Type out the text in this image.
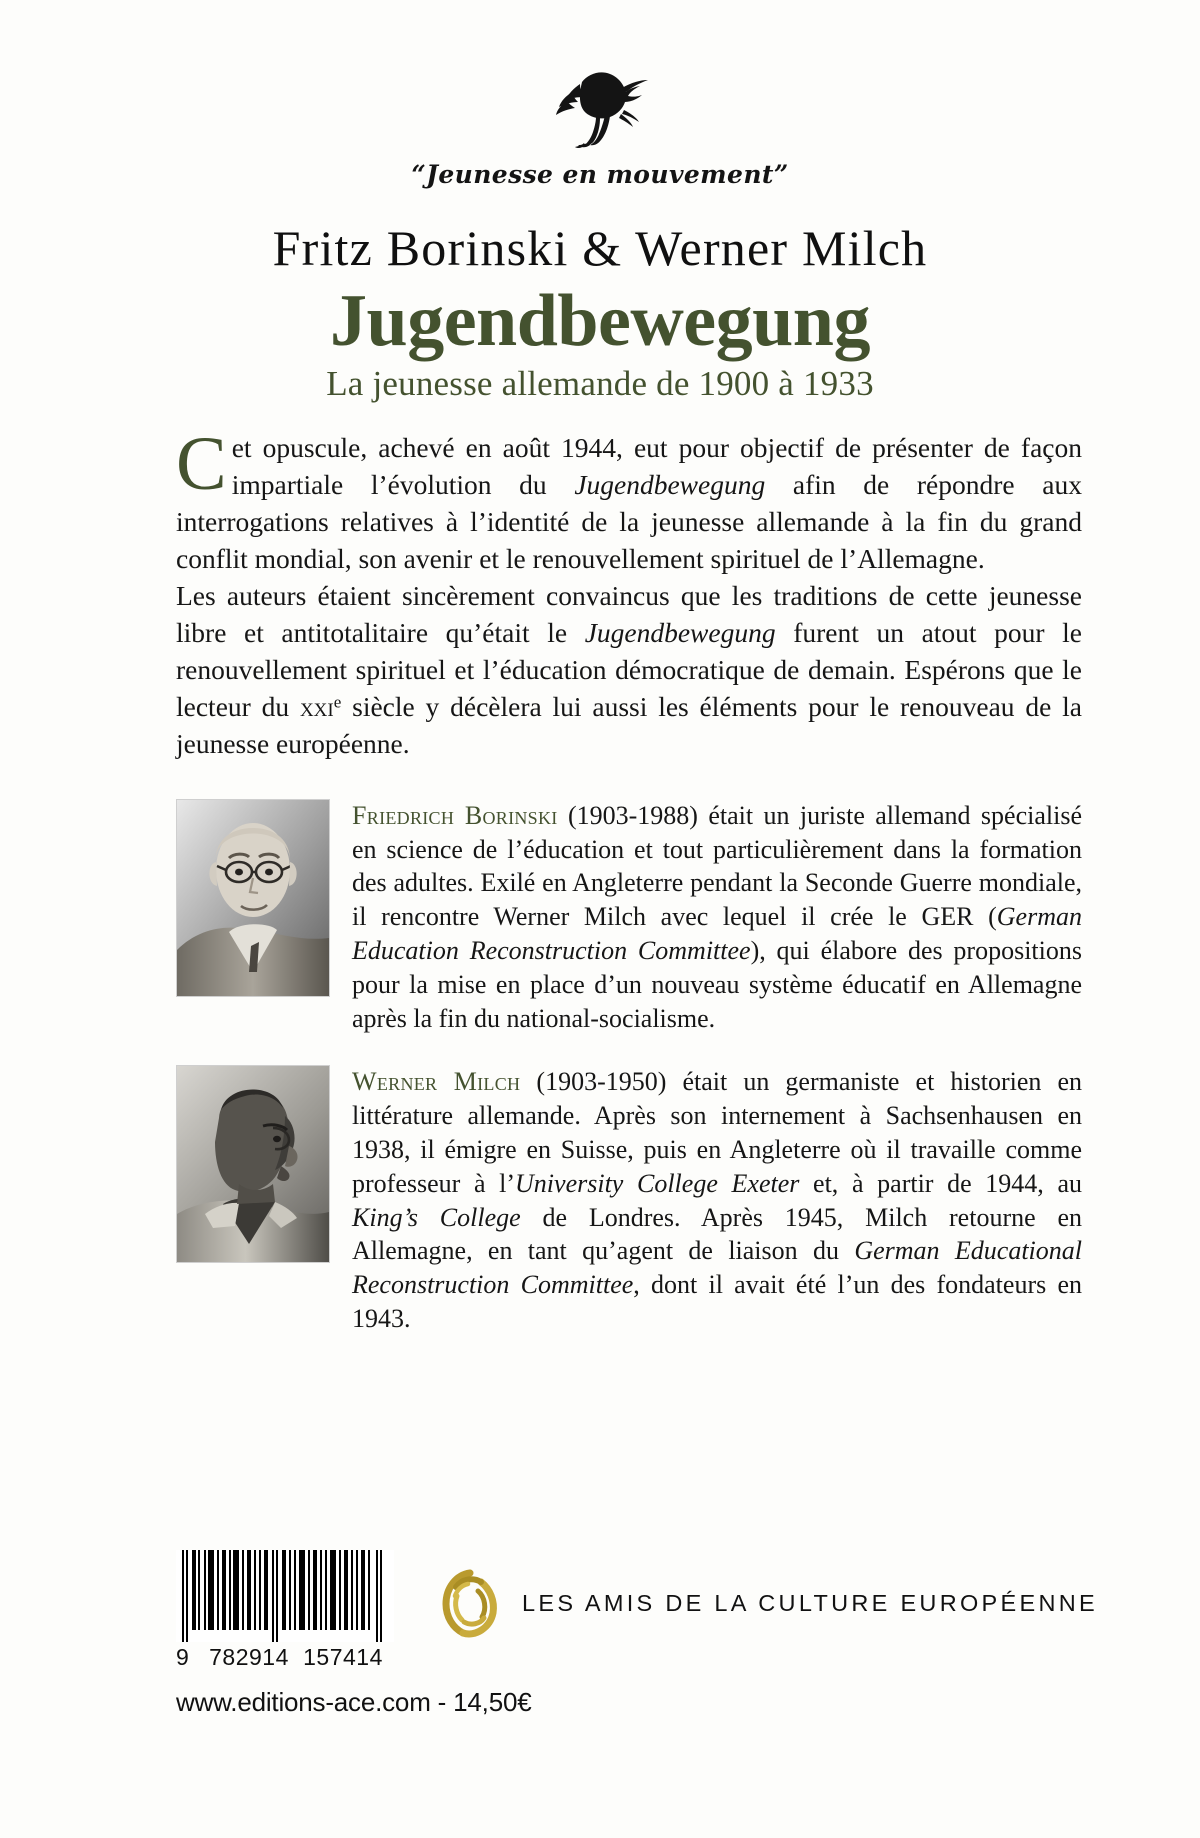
“Jeunesse en mouvement”
Fritz Borinski & Werner Milch
Jugendbewegung
La jeunesse allemande de 1900 à 1933

Cet opuscule, achevé en août 1944, eut pour objectif de présenter de façon impartiale l’évolution du Jugendbewegung afin de répondre aux interrogations relatives à l’identité de la jeunesse allemande à la fin du grand conflit mondial, son avenir et le renouvellement spirituel de l’Allemagne.

Les auteurs étaient sincèrement convaincus que les traditions de cette jeunesse libre et antitotalitaire qu’était le Jugendbewegung furent un atout pour le renouvellement spirituel et l’éducation démocratique de demain. Espérons que le lecteur du xxi$^e$ siècle y décèlera lui aussi les éléments pour le renouveau de la jeunesse européenne.

Friedrich Borinski (1903-1988) était un juriste allemand spécialisé en science de l’éducation et tout particulièrement dans la formation des adultes. Exilé en Angleterre pendant la Seconde Guerre mondiale, il rencontre Werner Milch avec lequel il crée le GER (German Education Reconstruction Committee), qui élabore des propositions pour la mise en place d’un nouveau système éducatif en Allemagne après la fin du national-socialisme.
Werner Milch (1903-1950) était un germaniste et historien en littérature allemande. Après son internement à Sachsenhausen en 1938, il émigre en Suisse, puis en Angleterre où il travaille comme professeur à l’University College Exeter et, à partir de 1944, au King’s College de Londres. Après 1945, Milch retourne en Allemagne, en tant qu’agent de liaison du German Educational Reconstruction Committee, dont il avait été l’un des fondateurs en 1943.
9 782914 157414
LES AMIS DE LA CULTURE EUROPÉENNE
www.editions-ace.com - 14,50€
